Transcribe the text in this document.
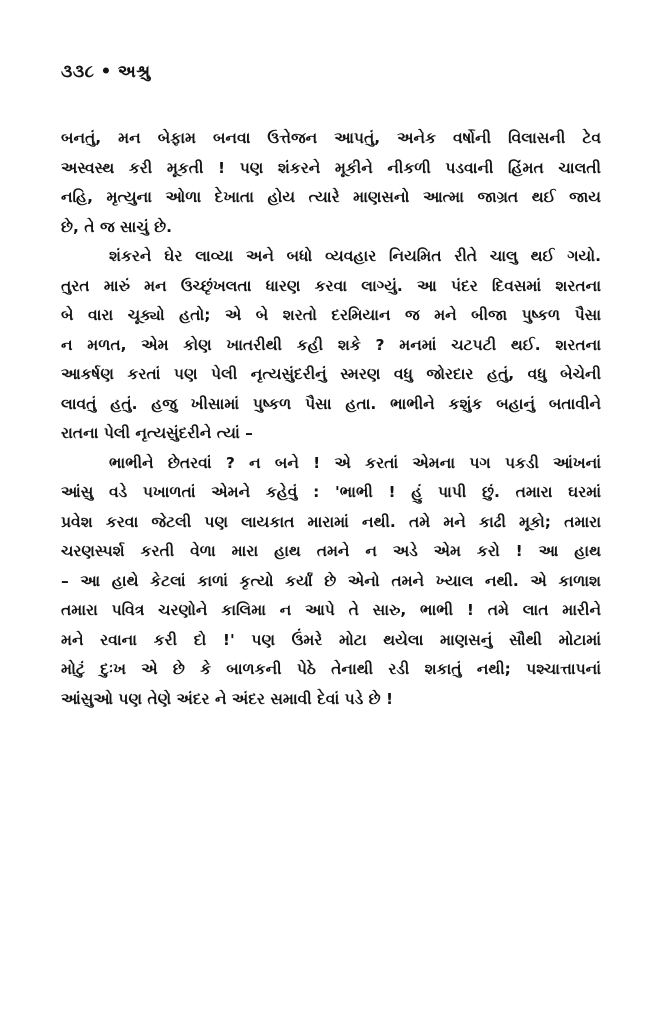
૩૩૮ • અશ્રુ
બનતું, મન બેફામ બનવા ઉત્તેજન આપતું, અનેક વર્ષોની વિલાસની ટેવ
અસ્વસ્થ કરી મૂકતી ! પણ શંકરને મૂકીને નીકળી પડવાની હિંમત ચાલતી
નહિ, મૃત્યુના ઓળા દેખાતા હોય ત્યારે માણસનો આત્મા જાગ્રત થઈ જાય
છે, તે જ સાચું છે.
શંકરને ઘેર લાવ્યા અને બધો વ્યવહાર નિયમિત રીતે ચાલુ થઈ ગયો.
તુરત મારું મન ઉચ્છૃંખલતા ધારણ કરવા લાગ્યું. આ પંદર દિવસમાં શરતના
બે વારા ચૂક્યો હતો; એ બે શરતો દરમિયાન જ મને બીજા પુષ્કળ પૈસા
ન મળત, એમ કોણ ખાતરીથી કહી શકે ? મનમાં ચટપટી થઈ. શરતના
આકર્ષણ કરતાં પણ પેલી નૃત્યસુંદરીનું સ્મરણ વધુ જોરદાર હતું, વધુ બેચેની
લાવતું હતું. હજુ ખીસામાં પુષ્કળ પૈસા હતા. ભાભીને કશુંક બહાનું બતાવીને
રાતના પેલી નૃત્યસુંદરીને ત્યાં –
ભાભીને છેતરવાં ? ન બને ! એ કરતાં એમના પગ પકડી આંખનાં
આંસુ વડે પખાળતાં એમને કહેવું : 'ભાભી ! હું પાપી છું. તમારા ઘરમાં
પ્રવેશ કરવા જેટલી પણ લાયકાત મારામાં નથી. તમે મને કાઢી મૂકો; તમારા
ચરણસ્પર્શ કરતી વેળા મારા હાથ તમને ન અડે એમ કરો ! આ હાથ
– આ હાથે કેટલાં કાળાં કૃત્યો કર્યાં છે એનો તમને ખ્યાલ નથી. એ કાળાશ
તમારા પવિત્ર ચરણોને કાલિમા ન આપે તે સારુ, ભાભી ! તમે લાત મારીને
મને રવાના કરી દો !' પણ ઉંમરે મોટા થયેલા માણસનું સૌથી મોટામાં
મોટું દુઃખ એ છે કે બાળકની પેઠે તેનાથી રડી શકાતું નથી; પશ્ચાત્તાપનાં
આંસુઓ પણ તેણે અંદર ને અંદર સમાવી દેવાં પડે છે !
